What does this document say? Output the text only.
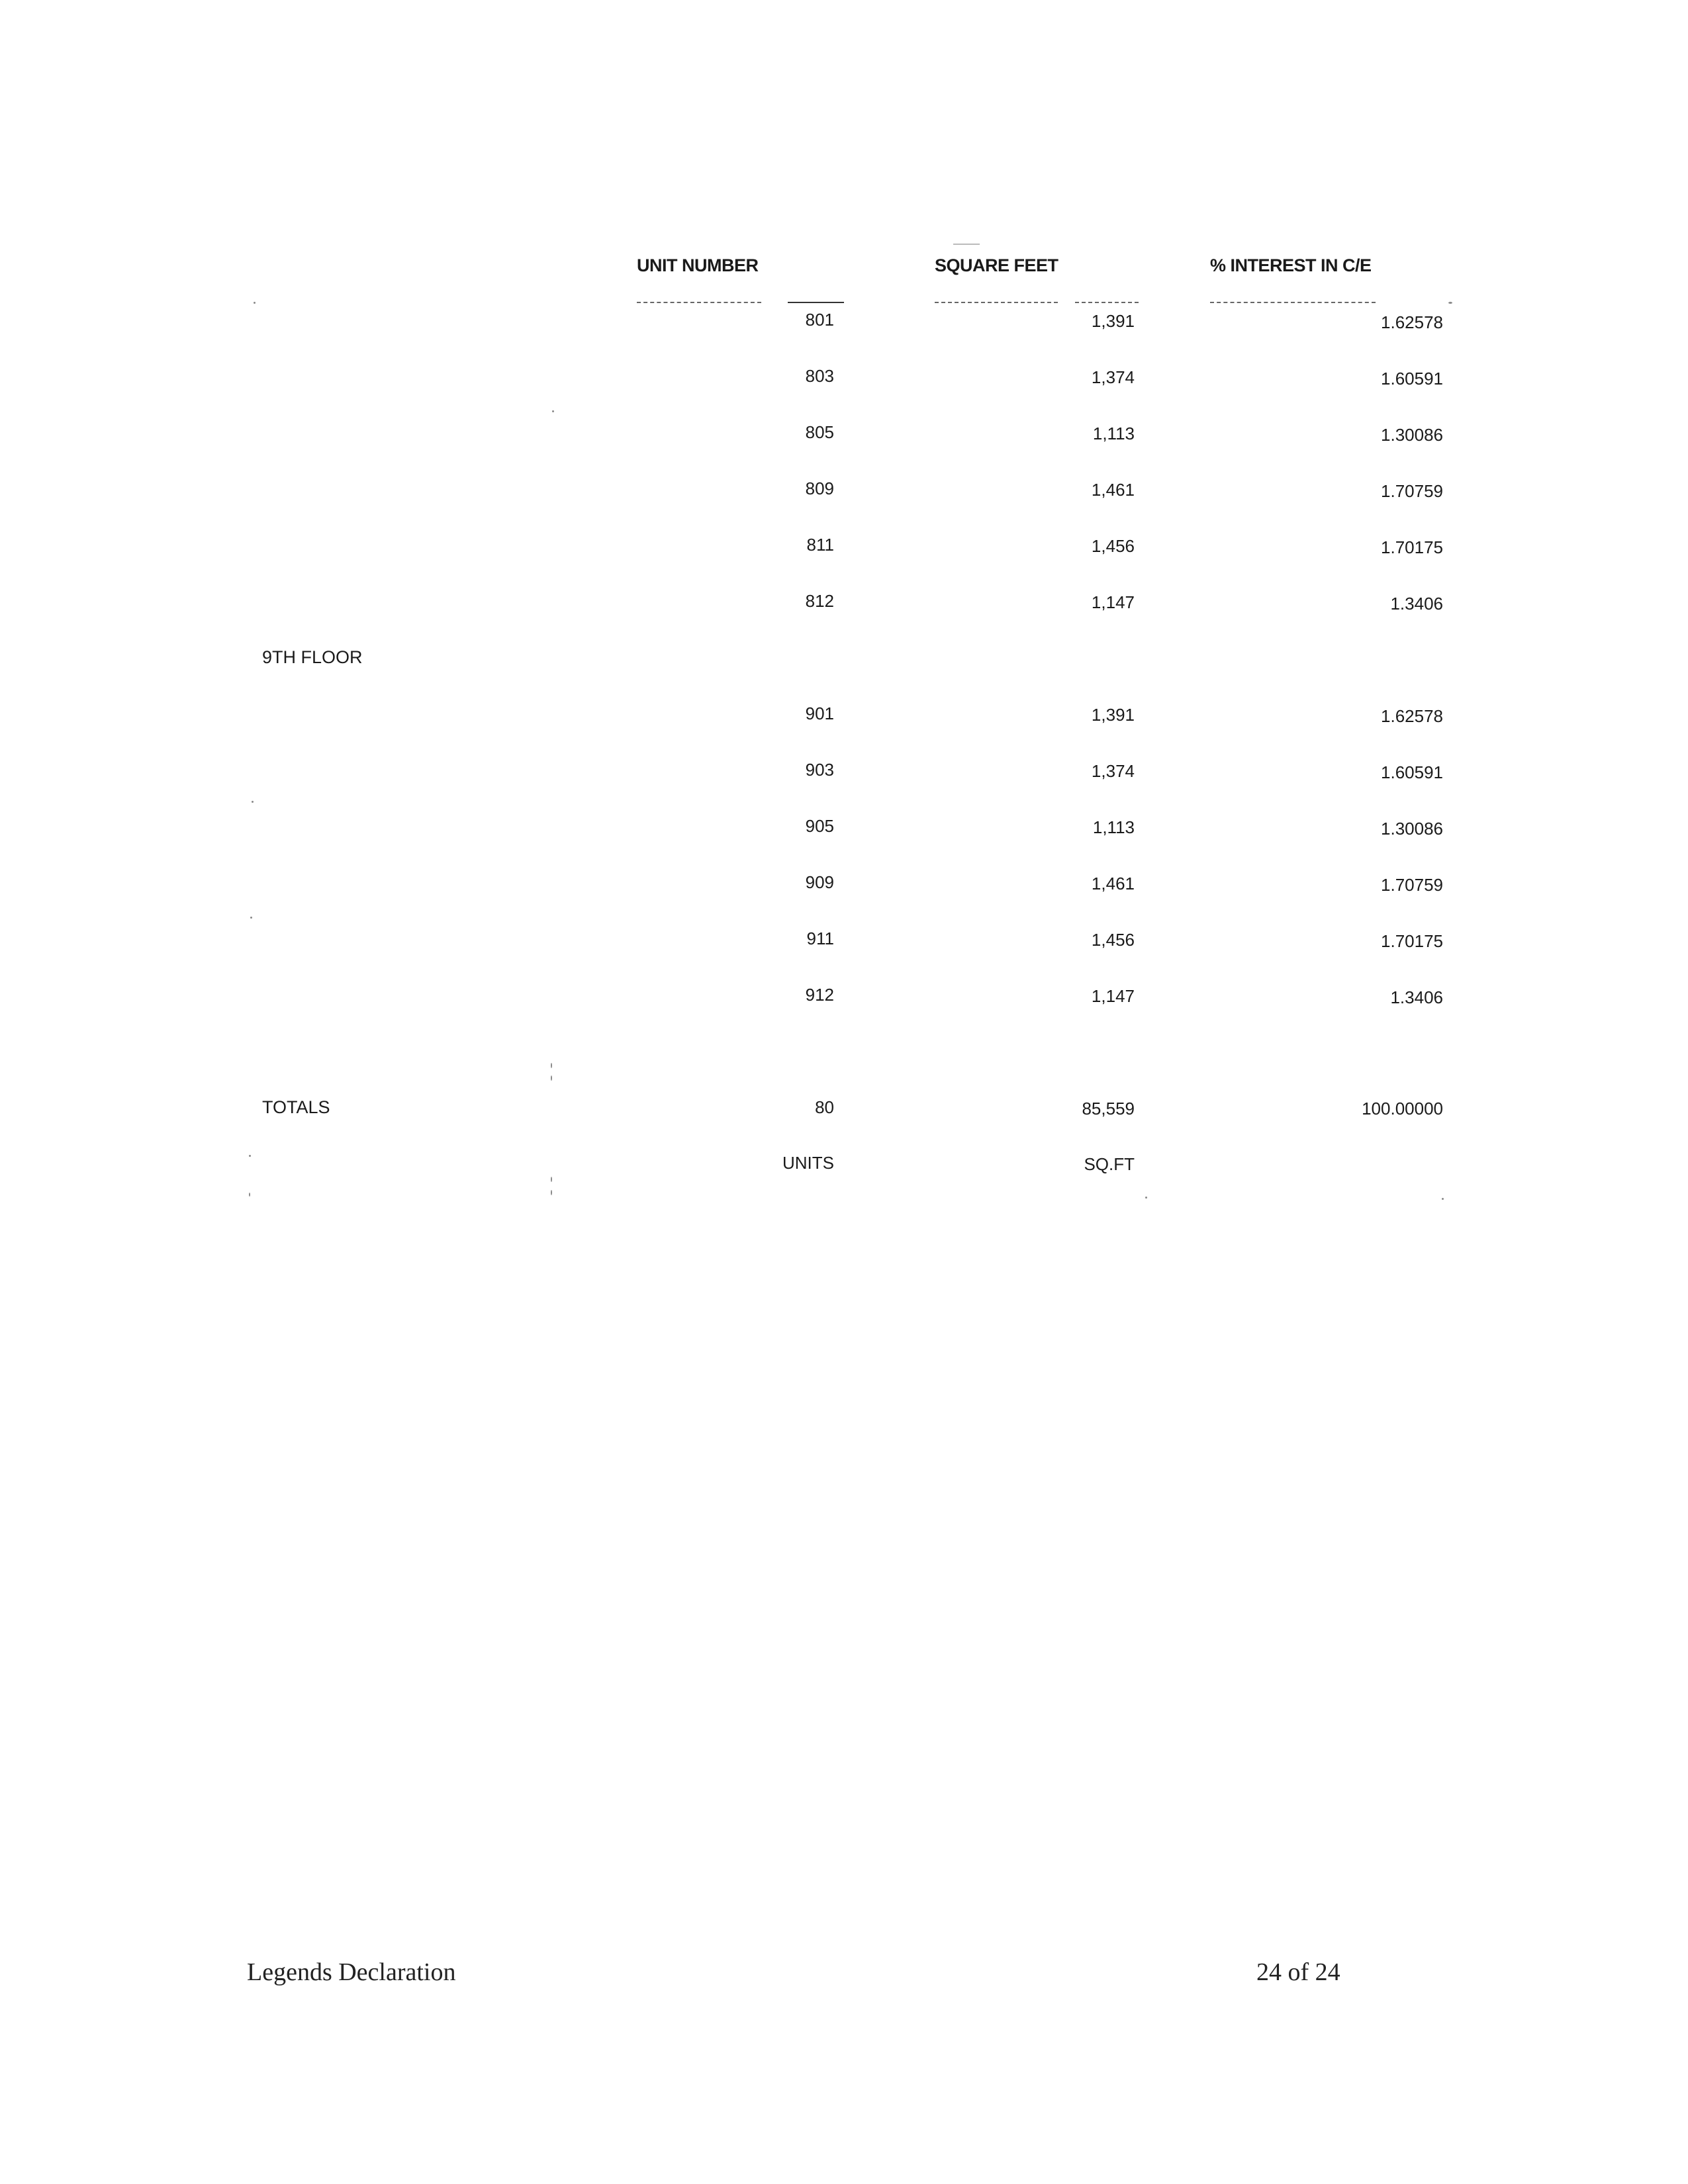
UNIT NUMBER	SQUARE FEET	% INTEREST IN C/E
801	1,391	1.62578
803	1,374	1.60591
805	1,113	1.30086
809	1,461	1.70759
811	1,456	1.70175
812	1,147	1.3406
9TH FLOOR
901	1,391	1.62578
903	1,374	1.60591
905	1,113	1.30086
909	1,461	1.70759
911	1,456	1.70175
912	1,147	1.3406
TOTALS	80	85,559	100.00000
UNITS	SQ.FT
Legends Declaration	24 of 24
